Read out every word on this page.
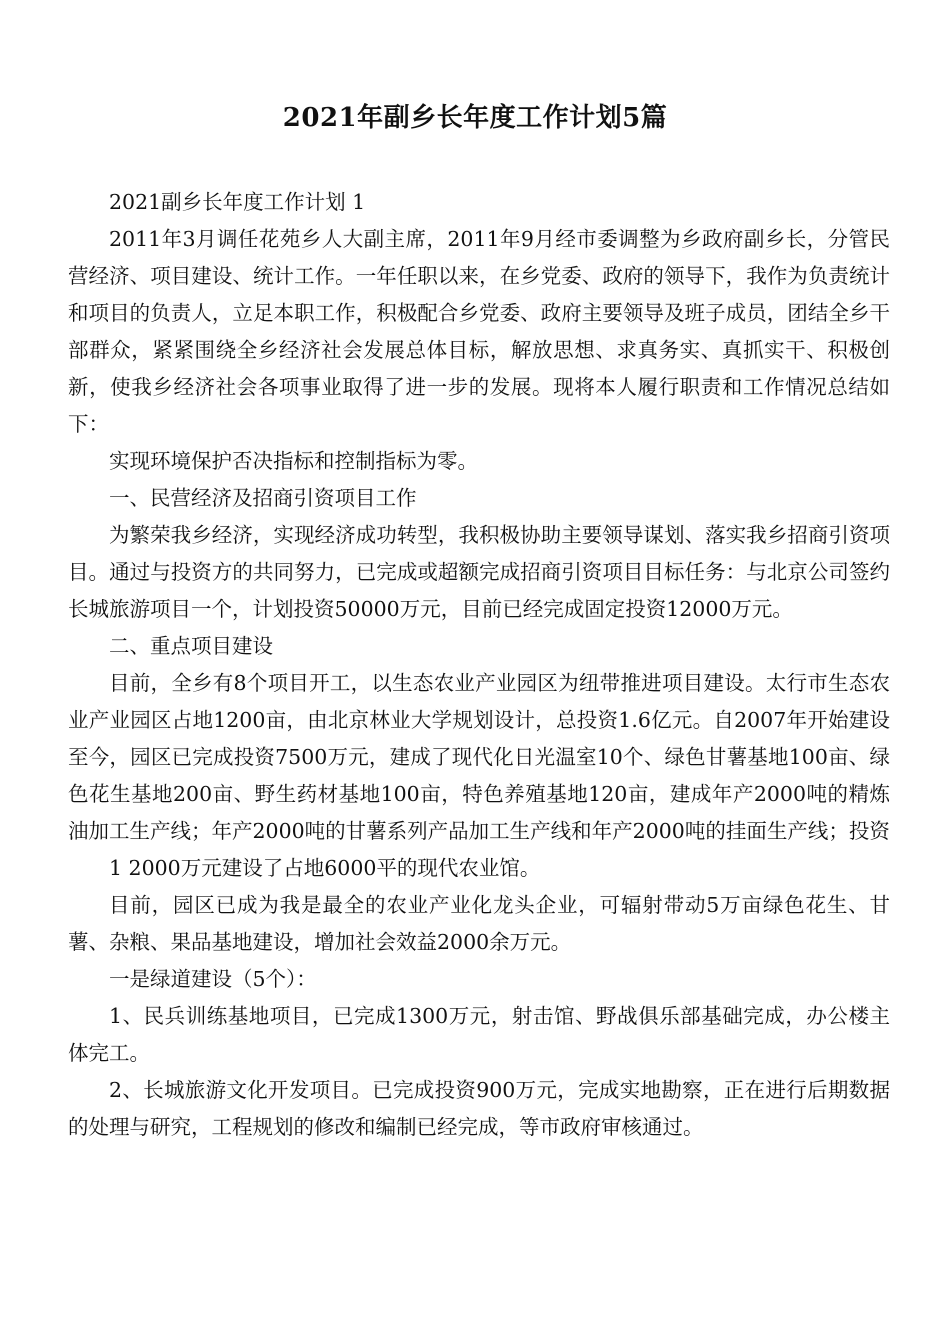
2021年副乡长年度工作计划5篇

2021副乡长年度工作计划 1

2011年3月调任花苑乡人大副主席，2011年9月经市委调整为乡政府副乡长，分管民营经济、项目建设、统计工作。一年任职以来，在乡党委、政府的领导下，我作为负责统计和项目的负责人，立足本职工作，积极配合乡党委、政府主要领导及班子成员，团结全乡干部群众，紧紧围绕全乡经济社会发展总体目标，解放思想、求真务实、真抓实干、积极创新，使我乡经济社会各项事业取得了进一步的发展。现将本人履行职责和工作情况总结如下：

实现环境保护否决指标和控制指标为零。

一、民营经济及招商引资项目工作

为繁荣我乡经济，实现经济成功转型，我积极协助主要领导谋划、落实我乡招商引资项目。通过与投资方的共同努力，已完成或超额完成招商引资项目目标任务：与北京公司签约长城旅游项目一个，计划投资50000万元，目前已经完成固定投资12000万元。

二、重点项目建设

目前，全乡有8个项目开工，以生态农业产业园区为纽带推进项目建设。太行市生态农业产业园区占地1200亩，由北京林业大学规划设计，总投资1.6亿元。自2007年开始建设至今，园区已完成投资7500万元，建成了现代化日光温室10个、绿色甘薯基地100亩、绿色花生基地200亩、野生药材基地100亩，特色养殖基地120亩，建成年产2000吨的精炼油加工生产线；年产2000吨的甘薯系列产品加工生产线和年产2000吨的挂面生产线；投资

1 2000万元建设了占地6000平的现代农业馆。

目前，园区已成为我是最全的农业产业化龙头企业，可辐射带动5万亩绿色花生、甘薯、杂粮、果品基地建设，增加社会效益2000余万元。

一是绿道建设（5个）：

1、民兵训练基地项目，已完成1300万元，射击馆、野战俱乐部基础完成，办公楼主体完工。

2、长城旅游文化开发项目。已完成投资900万元，完成实地勘察，正在进行后期数据的处理与研究，工程规划的修改和编制已经完成，等市政府审核通过。
